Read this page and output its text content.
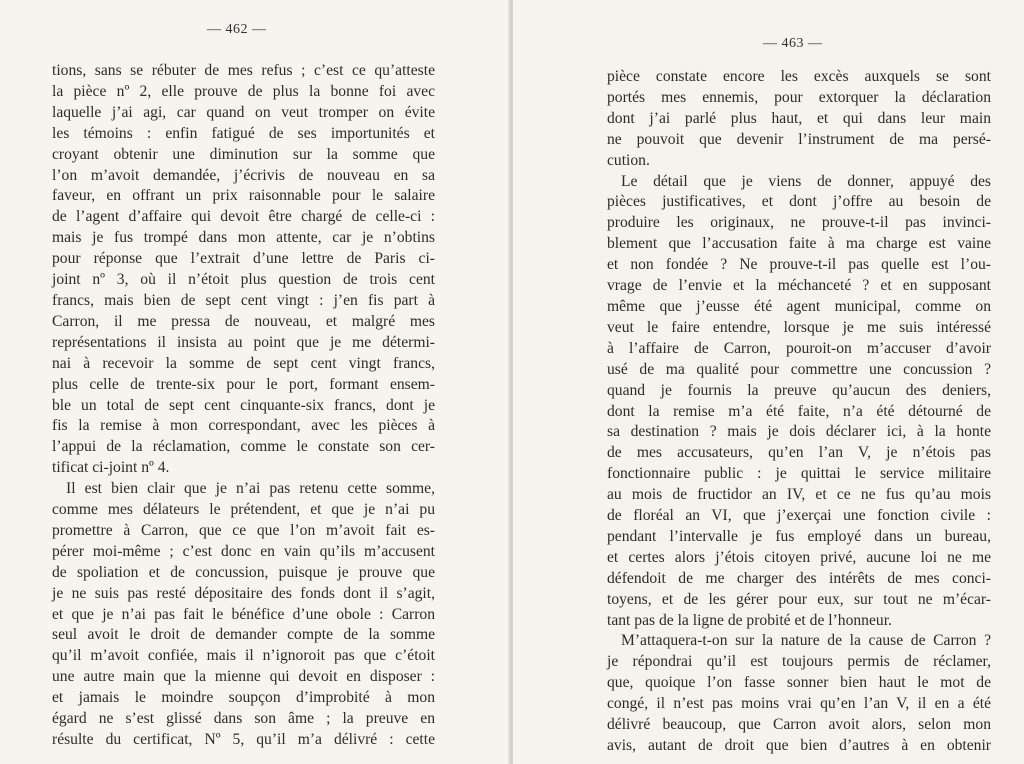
— 462 —
tions, sans se rébuter de mes refus ; c’est ce qu’atteste
la pièce nº 2, elle prouve de plus la bonne foi avec
laquelle j’ai agi, car quand on veut tromper on évite
les témoins : enfin fatigué de ses importunités et
croyant obtenir une diminution sur la somme que
l’on m’avoit demandée, j’écrivis de nouveau en sa
faveur, en offrant un prix raisonnable pour le salaire
de l’agent d’affaire qui devoit être chargé de celle-ci :
mais je fus trompé dans mon attente, car je n’obtins
pour réponse que l’extrait d’une lettre de Paris ci-
joint nº 3, où il n’étoit plus question de trois cent
francs, mais bien de sept cent vingt : j’en fis part à
Carron, il me pressa de nouveau, et malgré mes
représentations il insista au point que je me détermi-
nai à recevoir la somme de sept cent vingt francs,
plus celle de trente-six pour le port, formant ensem-
ble un total de sept cent cinquante-six francs, dont je
fis la remise à mon correspondant, avec les pièces à
l’appui de la réclamation, comme le constate son cer-
tificat ci-joint nº 4.
Il est bien clair que je n’ai pas retenu cette somme,
comme mes délateurs le prétendent, et que je n’ai pu
promettre à Carron, que ce que l’on m’avoit fait es-
pérer moi-même ; c’est donc en vain qu’ils m’accusent
de spoliation et de concussion, puisque je prouve que
je ne suis pas resté dépositaire des fonds dont il s’agit,
et que je n’ai pas fait le bénéfice d’une obole : Carron
seul avoit le droit de demander compte de la somme
qu’il m’avoit confiée, mais il n’ignoroit pas que c’étoit
une autre main que la mienne qui devoit en disposer :
et jamais le moindre soupçon d’improbité à mon
égard ne s’est glissé dans son âme ; la preuve en
résulte du certificat, Nº 5, qu’il m’a délivré : cette
— 463 —
pièce constate encore les excès auxquels se sont
portés mes ennemis, pour extorquer la déclaration
dont j’ai parlé plus haut, et qui dans leur main
ne pouvoit que devenir l’instrument de ma persé-
cution.
Le détail que je viens de donner, appuyé des
pièces justificatives, et dont j’offre au besoin de
produire les originaux, ne prouve-t-il pas invinci-
blement que l’accusation faite à ma charge est vaine
et non fondée ? Ne prouve-t-il pas quelle est l’ou-
vrage de l’envie et la méchanceté ? et en supposant
même que j’eusse été agent municipal, comme on
veut le faire entendre, lorsque je me suis intéressé
à l’affaire de Carron, pouroit-on m’accuser d’avoir
usé de ma qualité pour commettre une concussion ?
quand je fournis la preuve qu’aucun des deniers,
dont la remise m’a été faite, n’a été détourné de
sa destination ? mais je dois déclarer ici, à la honte
de mes accusateurs, qu’en l’an V, je n’étois pas
fonctionnaire public : je quittai le service militaire
au mois de fructidor an IV, et ce ne fus qu’au mois
de floréal an VI, que j’exerçai une fonction civile :
pendant l’intervalle je fus employé dans un bureau,
et certes alors j’étois citoyen privé, aucune loi ne me
défendoit de me charger des intérêts de mes conci-
toyens, et de les gérer pour eux, sur tout ne m’écar-
tant pas de la ligne de probité et de l’honneur.
M’attaquera-t-on sur la nature de la cause de Carron ?
je répondrai qu’il est toujours permis de réclamer,
que, quoique l’on fasse sonner bien haut le mot de
congé, il n’est pas moins vrai qu’en l’an V, il en a été
délivré beaucoup, que Carron avoit alors, selon mon
avis, autant de droit que bien d’autres à en obtenir
